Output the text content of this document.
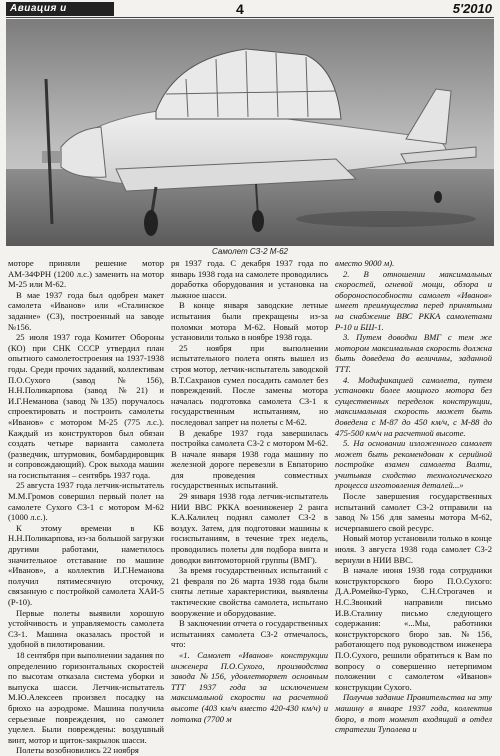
Авиация и	4	5'2010
Самолет СЗ-2 М-62

моторе приняли решение мотор АМ-34ФРН (1200 л.с.) заменить на мотор М-25 или М-62.

В мае 1937 года был одобрен макет самолета «Иванов» или «Сталинское задание» (СЗ), построенный на заводе №156.

25 июля 1937 года Комитет Обороны (КО) при СНК СССР утвердил план опытного самолетостроения на 1937-1938 годы. Среди прочих заданий, коллективам П.О.Сухого (завод №156), Н.Н.Поликарпова (завод №21) и И.Г.Неманова (завод №135) поручалось спроектировать и построить самолеты «Иванов» с мотором М-25 (775 л.с.). Каждый из конструкторов был обязан создать четыре варианта самолета (разведчик, штурмовик, бомбардировщик и сопровождающий). Срок выхода машин на госиспытания – сентябрь 1937 года.

25 августа 1937 года летчик-испытатель М.М.Громов совершил первый полет на самолете Сухого СЗ-1 с мотором М-62 (1000 л.с.).

К этому времени в КБ Н.Н.Поликарпова, из-за большой загрузки другими работами, наметилось значительное отставание по машине «Иванов», а коллектив И.Г.Неманова получил пятимесячную отсрочку, связанную с постройкой самолета ХАИ-5 (Р-10).

Первые полеты выявили хорошую устойчивость и управляемость самолета СЗ-1. Машина оказалась простой и удобной в пилотировании.

18 сентября при выполнении задания по определению горизонтальных скоростей по высотам отказала система уборки и выпуска шасси. Летчик-испытатель М.Ю.Алексеев произвел посадку на брюхо на аэродроме. Машина получила серьезные повреждения, но самолет уцелел. Были повреждены: воздушный винт, мотор и щиток-закрылок шасси.

Полеты возобновились 22 ноября

ря 1937 года. С декабря 1937 года по январь 1938 года на самолете проводились доработка оборудования и установка на лыжное шасси.

В конце января заводские летные испытания были прекращены из-за поломки мотора М-62. Новый мотор установили только в ноябре 1938 года.

25 ноября при выполнении испытательного полета опять вышел из строя мотор, летчик-испытатель заводской В.Т.Сахранов сумел посадить самолет без повреждений. После замены мотора началась подготовка самолета СЗ-1 к государственным испытаниям, но последовал запрет на полеты с М-62.

В декабре 1937 года завершилась постройка самолета СЗ-2 с мотором М-62. В начале января 1938 года машину по железной дороге перевезли в Евпаторию для проведения совместных государственных испытаний.

29 января 1938 года летчик-испытатель НИИ ВВС РККА военинженер 2 ранга К.А.Калилец поднял самолет СЗ-2 в воздух. Затем, для подготовки машины к госиспытаниям, в течение трех недель, проводились полеты для подбора винта и доводки винтомоторной группы (ВМГ).

За время государственных испытаний с 21 февраля по 26 марта 1938 года были сняты летные характеристики, выявлены тактические свойства самолета, испытано вооружение и оборудование.

В заключении отчета о государственных испытаниях самолета СЗ-2 отмечалось, что:

«1. Самолет «Иванов» конструкции инженера П.О.Сухого, производства завода №156, удовлетворяет основным ТТТ 1937 года за исключением максимальной скорости на расчетной высоте (403 км/ч вместо 420-430 км/ч) и потолка (7700 м

вместо 9000 м).

2. В отношении максимальных скоростей, огневой мощи, обзора и обороноспособности самолет «Иванов» имеет преимущества перед принятыми на снабжение ВВС РККА самолетами Р-10 и БШ-1.

3. Путем доводки ВМГ с тем же мотором максимальная скорость должна быть доведена до величины, заданной ТТТ.

4. Модификацией самолета, путем установки более мощного мотора без существенных переделок конструкции, максимальная скорость может быть доведена с М-87 до 450 км/ч, с М-88 до 475-500 км/ч на расчетной высоте.

5. На основании изложенного самолет может быть рекомендован к серийной постройке взамен самолета Валти, учитывая сходство технологического процесса изготовления деталей...»

После завершения государственных испытаний самолет СЗ-2 отправили на завод №156 для замены мотора М-62, исчерпавшего свой ресурс.

Новый мотор установили только в конце июля. 3 августа 1938 года самолет СЗ-2 вернули в НИИ ВВС.

В начале июня 1938 года сотрудники конструкторского бюро П.О.Сухого: Д.А.Ромейко-Гурко, С.Н.Строгачев и Н.С.Звонкий направили письмо И.В.Сталину письмо следующего содержания: «...Мы, работники конструкторского бюро зав. №156, работающего под руководством инженера П.О.Сухого, решили обратиться к Вам по вопросу о совершенно нетерпимом положении с самолетом «Иванов» конструкции Сухого.

Получив задание Правительства на эту машину в январе 1937 года, коллектив бюро, в тот момент входящий в отдел стратегии Туполева и
